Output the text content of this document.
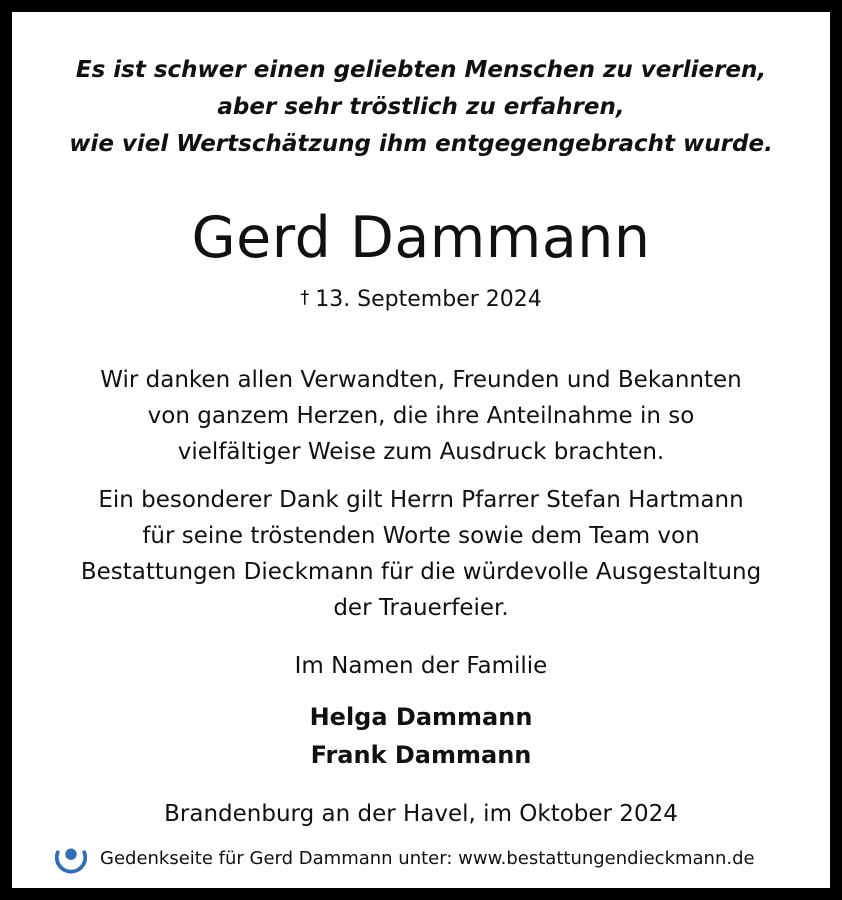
Es ist schwer einen geliebten Menschen zu verlieren,
aber sehr tröstlich zu erfahren,
wie viel Wertschätzung ihm entgegengebracht wurde.
Gerd Dammann
† 13. September 2024
Wir danken allen Verwandten, Freunden und Bekannten
von ganzem Herzen, die ihre Anteilnahme in so
vielfältiger Weise zum Ausdruck brachten.
Ein besonderer Dank gilt Herrn Pfarrer Stefan Hartmann
für seine tröstenden Worte sowie dem Team von
Bestattungen Dieckmann für die würdevolle Ausgestaltung
der Trauerfeier.
Im Namen der Familie
Helga Dammann
Frank Dammann
Brandenburg an der Havel, im Oktober 2024
Gedenkseite für Gerd Dammann unter: www.bestattungendieckmann.de
